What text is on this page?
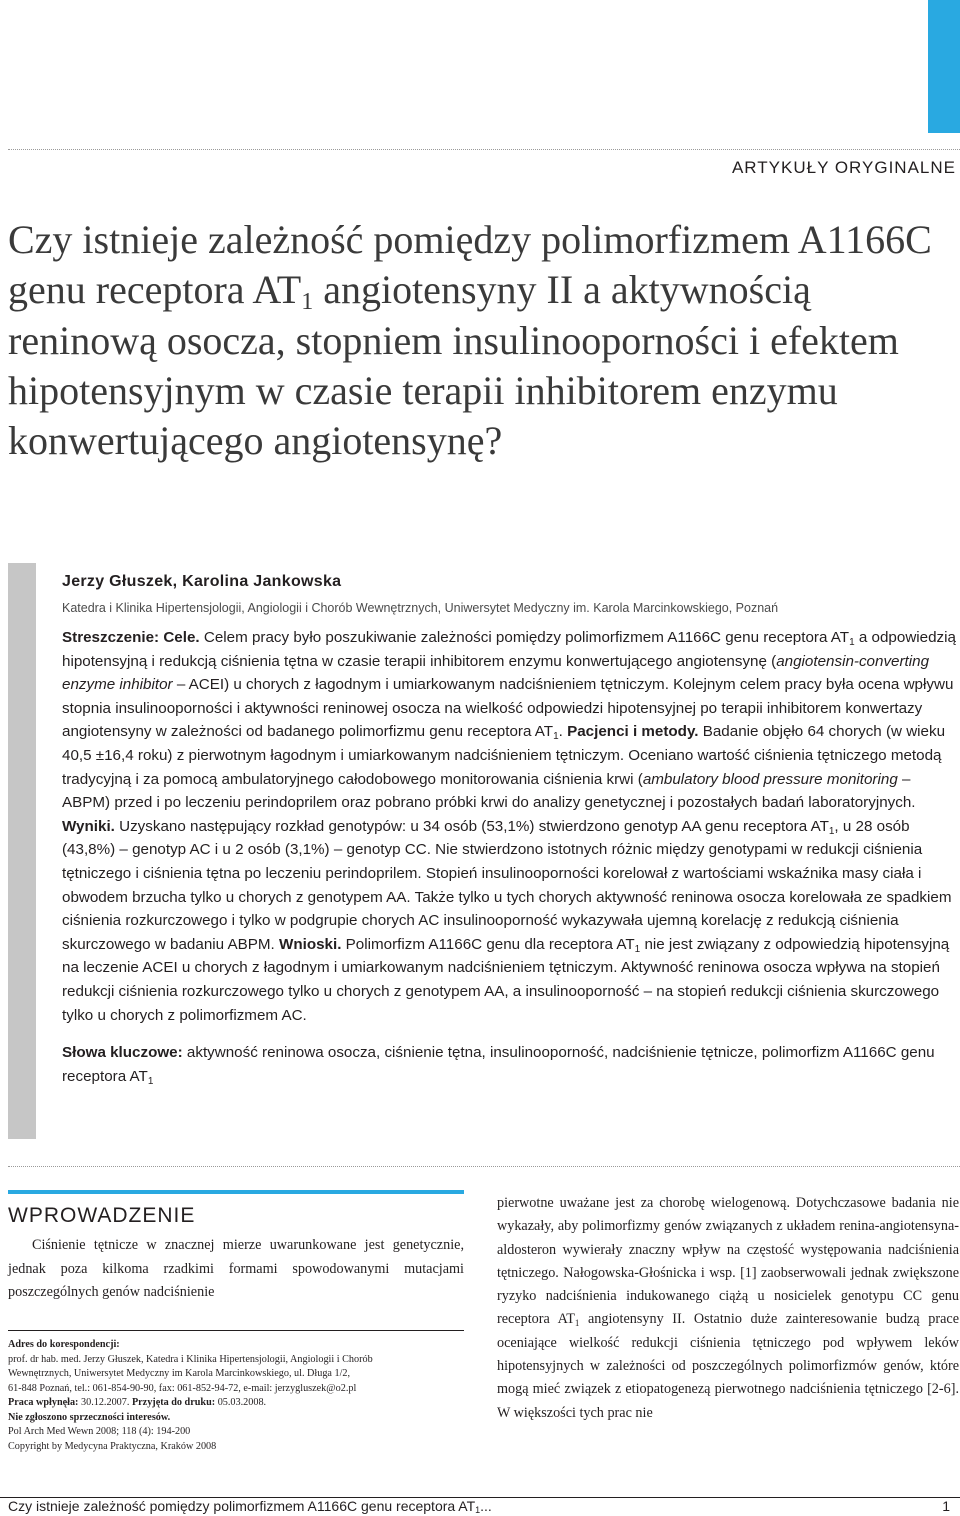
ARTYKUŁY ORYGINALNE
Czy istnieje zależność pomiędzy polimorfizmem A1166C genu receptora $AT_1$ angiotensyny II a aktywnością reninową osocza, stopniem insulinooporności i efektem hipotensyjnym w czasie terapii inhibitorem enzymu konwertującego angiotensynę?
Jerzy Głuszek, Karolina Jankowska
Katedra i Klinika Hipertensjologii, Angiologii i Chorób Wewnętrznych, Uniwersytet Medyczny im. Karola Marcinkowskiego, Poznań

Streszczenie: Cele. Celem pracy było poszukiwanie zależności pomiędzy polimorfizmem A1166C genu receptora $AT_1$ a odpowiedzią hipotensyjną i redukcją ciśnienia tętna w czasie terapii inhibitorem enzymu konwertującego angiotensynę (angiotensin-converting enzyme inhibitor – ACEI) u chorych z łagodnym i umiarkowanym nadciśnieniem tętniczym. Kolejnym celem pracy była ocena wpływu stopnia insulinooporności i aktywności reninowej osocza na wielkość odpowiedzi hipotensyjnej po terapii inhibitorem konwertazy angiotensyny w zależności od badanego polimorfizmu genu receptora $AT_1$. Pacjenci i metody. Badanie objęło 64 chorych (w wieku 40,5 ±16,4 roku) z pierwotnym łagodnym i umiarkowanym nadciśnieniem tętniczym. Oceniano wartość ciśnienia tętniczego metodą tradycyjną i za pomocą ambulatoryjnego całodobowego monitorowania ciśnienia krwi (ambulatory blood pressure monitoring – ABPM) przed i po leczeniu perindoprilem oraz pobrano próbki krwi do analizy genetycznej i pozostałych badań laboratoryjnych. Wyniki. Uzyskano następujący rozkład genotypów: u 34 osób (53,1%) stwierdzono genotyp AA genu receptora $AT_1$, u 28 osób (43,8%) – genotyp AC i u 2 osób (3,1%) – genotyp CC. Nie stwierdzono istotnych różnic między genotypami w redukcji ciśnienia tętniczego i ciśnienia tętna po leczeniu perindoprilem. Stopień insulinooporności korelował z wartościami wskaźnika masy ciała i obwodem brzucha tylko u chorych z genotypem AA. Także tylko u tych chorych aktywność reninowa osocza korelowała ze spadkiem ciśnienia rozkurczowego i tylko w podgrupie chorych AC insulinooporność wykazywała ujemną korelację z redukcją ciśnienia skurczowego w badaniu ABPM. Wnioski. Polimorfizm A1166C genu dla receptora $AT_1$ nie jest związany z odpowiedzią hipotensyjną na leczenie ACEI u chorych z łagodnym i umiarkowanym nadciśnieniem tętniczym. Aktywność reninowa osocza wpływa na stopień redukcji ciśnienia rozkurczowego tylko u chorych z genotypem AA, a insulinooporność – na stopień redukcji ciśnienia skurczowego tylko u chorych z polimorfizmem AC.

Słowa kluczowe: aktywność reninowa osocza, ciśnienie tętna, insulinooporność, nadciśnienie tętnicze, polimorfizm A1166C genu receptora $AT_1$

WPROWADZENIE
Ciśnienie tętnicze w znacznej mierze uwarunkowane jest genetycznie, jednak poza kilkoma rzadkimi formami spowodowanymi mutacjami poszczególnych genów nadciśnienie
pierwotne uważane jest za chorobę wielogenową. Dotychczasowe badania nie wykazały, aby polimorfizmy genów związanych z układem renina-angiotensyna-aldosteron wywierały znaczny wpływ na częstość występowania nadciśnienia tętniczego. Nałogowska-Głośnicka i wsp. [1] zaobserwowali jednak zwiększone ryzyko nadciśnienia indukowanego ciążą u nosicielek genotypu CC genu receptora $AT_1$ angiotensyny II. Ostatnio duże zainteresowanie budzą prace oceniające wielkość redukcji ciśnienia tętniczego pod wpływem leków hipotensyjnych w zależności od poszczególnych polimorfizmów genów, które mogą mieć związek z etiopatogenezą pierwotnego nadciśnienia tętniczego [2-6]. W większości tych prac nie
Adres do korespondencji:
prof. dr hab. med. Jerzy Głuszek, Katedra i Klinika Hipertensjologii, Angiologii i Chorób
Wewnętrznych, Uniwersytet Medyczny im Karola Marcinkowskiego, ul. Długa 1/2,
61-848 Poznań, tel.: 061-854-90-90, fax: 061-852-94-72, e-mail: jerzygluszek@o2.pl
Praca wpłynęła: 30.12.2007. Przyjęta do druku: 05.03.2008.
Nie zgłoszono sprzeczności interesów.
Pol Arch Med Wewn 2008; 118 (4): 194-200
Copyright by Medycyna Praktyczna, Kraków 2008
Czy istnieje zależność pomiędzy polimorfizmem A1166C genu receptora $AT_1$...	1
